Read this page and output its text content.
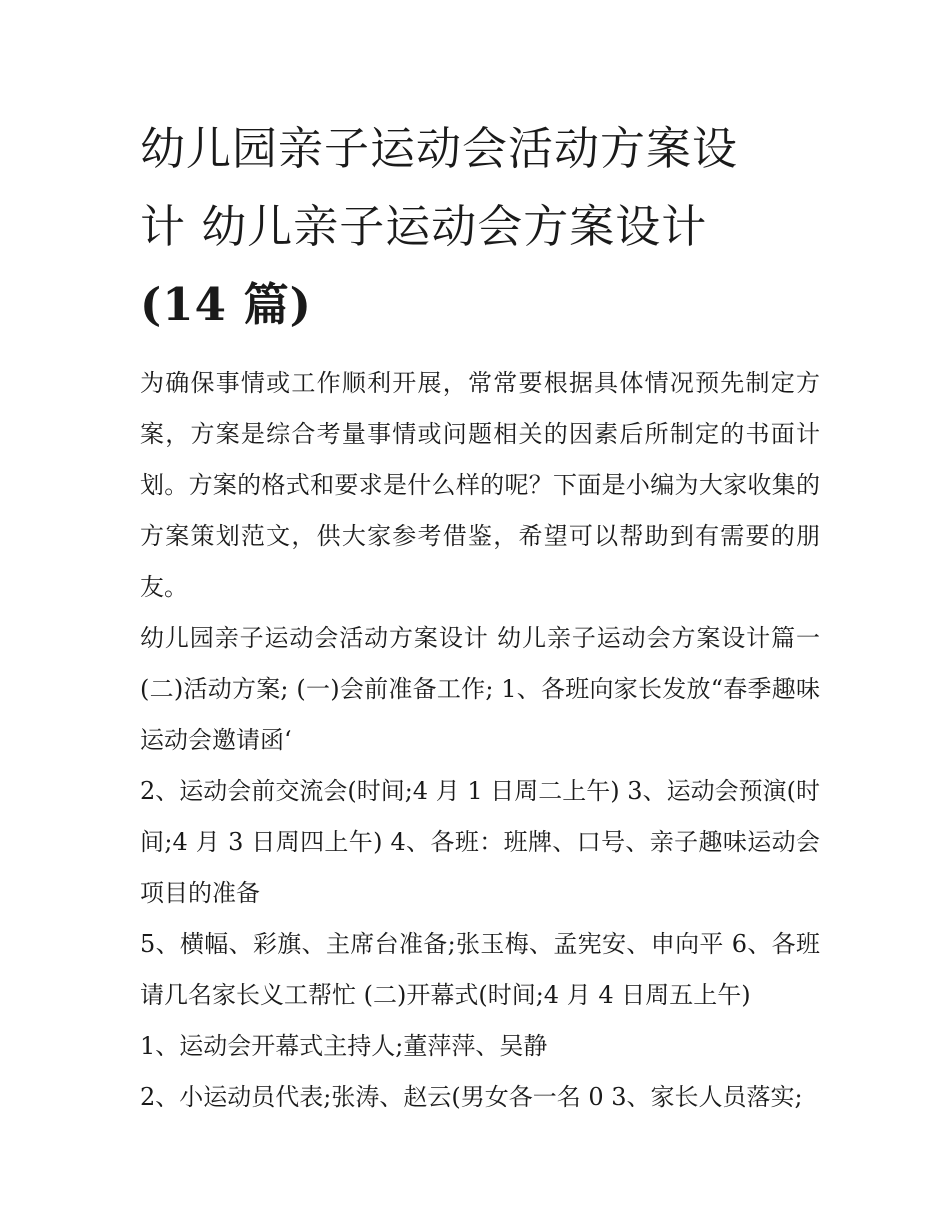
幼儿园亲子运动会活动方案设
计 幼儿亲子运动会方案设计
(14 篇)

为确保事情或工作顺利开展，常常要根据具体情况预先制定方案，方案是综合考量事情或问题相关的因素后所制定的书面计划。方案的格式和要求是什么样的呢？下面是小编为大家收集的方案策划范文，供大家参考借鉴，希望可以帮助到有需要的朋友。

幼儿园亲子运动会活动方案设计 幼儿亲子运动会方案设计篇一 (二)活动方案; (一)会前准备工作; 1、各班向家长发放“春季趣味运动会邀请函‘

2、运动会前交流会(时间;4 月 1 日周二上午) 3、运动会预演(时间;4 月 3 日周四上午) 4、各班：班牌、口号、亲子趣味运动会项目的准备

5、横幅、彩旗、主席台准备;张玉梅、孟宪安、申向平 6、各班请几名家长义工帮忙 (二)开幕式(时间;4 月 4 日周五上午)

1、运动会开幕式主持人;董萍萍、吴静

2、小运动员代表;张涛、赵云(男女各一名 0 3、家长人员落实;
